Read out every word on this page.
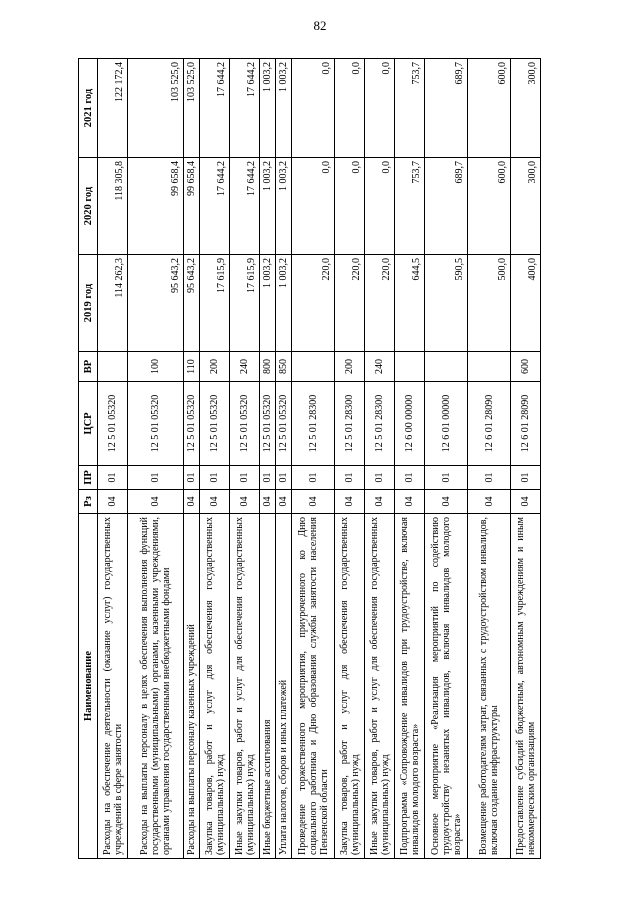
82
Наименование	Рз	ПР	ЦСР	ВР	2019 год	2020 год	2021 год
Расходы на обеспечение деятельности (оказание услуг) государственных учреждений в сфере занятости	04	01	12 5 01 05320		114 262,3	118 305,8	122 172,4
Расходы на выплаты персоналу в целях обеспечения выполнения функций государственными (муниципальными) органами, казенными учреждениями, органами управления государственными внебюджетными фондами	04	01	12 5 01 05320	100	95 643,2	99 658,4	103 525,0
Расходы на выплаты персоналу казенных учреждений	04	01	12 5 01 05320	110	95 643,2	99 658,4	103 525,0
Закупка товаров, работ и услуг для обеспечения государственных (муниципальных) нужд	04	01	12 5 01 05320	200	17 615,9	17 644,2	17 644,2
Иные закупки товаров, работ и услуг для обеспечения государственных (муниципальных) нужд	04	01	12 5 01 05320	240	17 615,9	17 644,2	17 644,2
Иные бюджетные ассигнования	04	01	12 5 01 05320	800	1 003,2	1 003,2	1 003,2
Уплата налогов, сборов и иных платежей	04	01	12 5 01 05320	850	1 003,2	1 003,2	1 003,2
Проведение торжественного мероприятия, приуроченного ко Дню социального работника и Дню образования службы занятости населения Пензенской области	04	01	12 5 01 28300		220,0	0,0	0,0
Закупка товаров, работ и услуг для обеспечения государственных (муниципальных) нужд	04	01	12 5 01 28300	200	220,0	0,0	0,0
Иные закупки товаров, работ и услуг для обеспечения государственных (муниципальных) нужд	04	01	12 5 01 28300	240	220,0	0,0	0,0
Подпрограмма «Сопровождение инвалидов при трудоустройстве, включая инвалидов молодого возраста»	04	01	12 6 00 00000		644,5	753,7	753,7
Основное мероприятие «Реализация мероприятий по содействию трудоустройству незанятых инвалидов, включая инвалидов молодого возраста»	04	01	12 6 01 00000		590,5	689,7	689,7
Возмещение работодателям затрат, связанных с трудоустройством инвалидов, включая создание инфраструктуры	04	01	12 6 01 28090		500,0	600,0	600,0
Предоставление субсидий бюджетным, автономным учреждениям и иным некоммерческим организациям	04	01	12 6 01 28090	600	400,0	300,0	300,0
